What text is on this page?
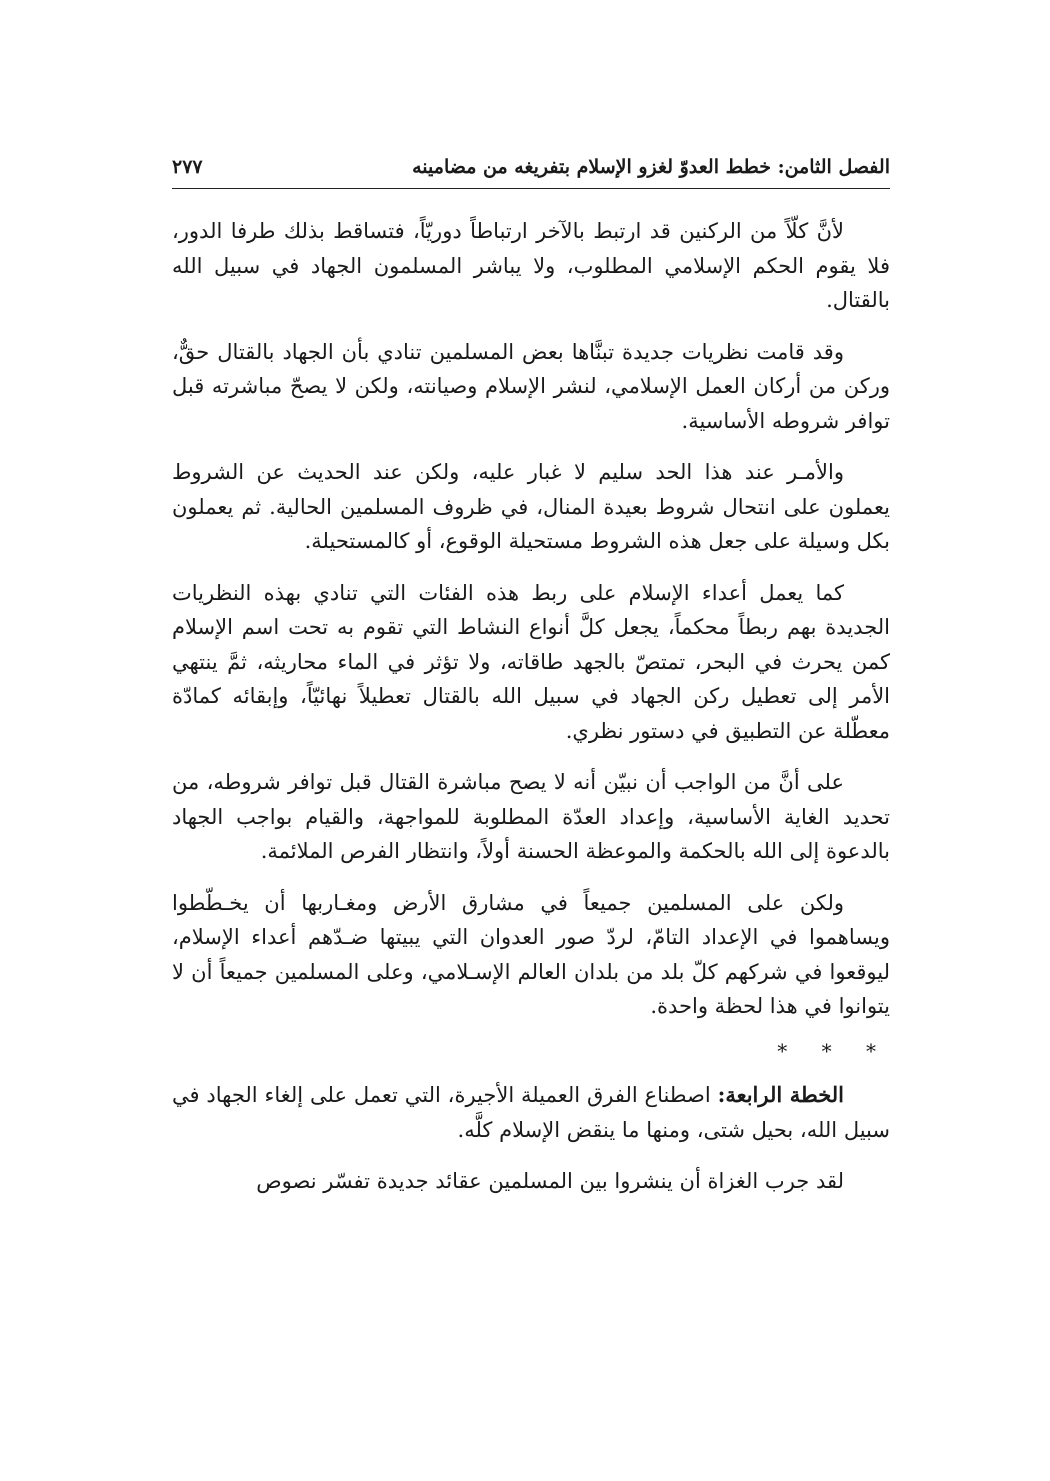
الفصل الثامن: خطط العدوّ لغزو الإسلام بتفريغه من مضامينه
٢٧٧

لأنَّ كلّاً من الركنين قد ارتبط بالآخر ارتباطاً دوريّاً، فتساقط بذلك طرفا الدور، فلا يقوم الحكم الإسلامي المطلوب، ولا يباشر المسلمون الجهاد في سبيل الله بالقتال.

وقد قامت نظريات جديدة تبنَّاها بعض المسلمين تنادي بأن الجهاد بالقتال حقٌّ، وركن من أركان العمل الإسلامي، لنشر الإسلام وصيانته، ولكن لا يصحّ مباشرته قبل توافر شروطه الأساسية.

والأمـر عند هذا الحد سليم لا غبار عليه، ولكن عند الحديث عن الشروط يعملون على انتحال شروط بعيدة المنال، في ظروف المسلمين الحالية. ثم يعملون بكل وسيلة على جعل هذه الشروط مستحيلة الوقوع، أو كالمستحيلة.

كما يعمل أعداء الإسلام على ربط هذه الفئات التي تنادي بهذه النظريات الجديدة بهم ربطاً محكماً، يجعل كلَّ أنواع النشاط التي تقوم به تحت اسم الإسلام كمن يحرث في البحر، تمتصّ بالجهد طاقاته، ولا تؤثر في الماء محاريثه، ثمَّ ينتهي الأمر إلى تعطيل ركن الجهاد في سبيل الله بالقتال تعطيلاً نهائيّاً، وإبقائه كمادّة معطّلة عن التطبيق في دستور نظري.

على أنَّ من الواجب أن نبيّن أنه لا يصح مباشرة القتال قبل توافر شروطه، من تحديد الغاية الأساسية، وإعداد العدّة المطلوبة للمواجهة، والقيام بواجب الجهاد بالدعوة إلى الله بالحكمة والموعظة الحسنة أولاً، وانتظار الفرص الملائمة.

ولكن على المسلمين جميعاً في مشارق الأرض ومغـاربها أن يخـطّطوا ويساهموا في الإعداد التامّ، لردّ صور العدوان التي يبيتها ضـدّهم أعداء الإسلام، ليوقعوا في شركهم كلّ بلد من بلدان العالم الإسـلامي، وعلى المسلمين جميعاً أن لا يتوانوا في هذا لحظة واحدة.

* * *

الخطة الرابعة: اصطناع الفرق العميلة الأجيرة، التي تعمل على إلغاء الجهاد في سبيل الله، بحيل شتى، ومنها ما ينقض الإسلام كلَّه.

لقد جرب الغزاة أن ينشروا بين المسلمين عقائد جديدة تفسّر نصوص
